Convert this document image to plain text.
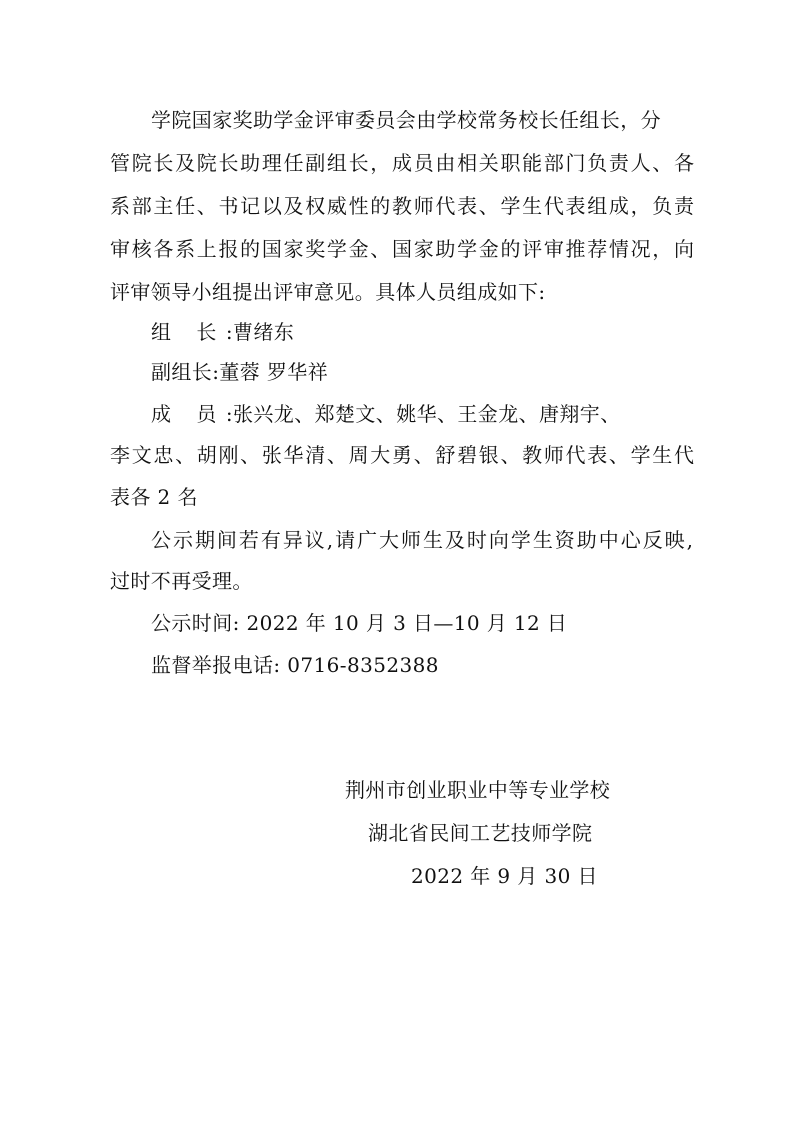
学院国家奖助学金评审委员会由学校常务校长任组长，分
管院长及院长助理任副组长，成员由相关职能部门负责人、各
系部主任、书记以及权威性的教师代表、学生代表组成，负责
审核各系上报的国家奖学金、国家助学金的评审推荐情况，向
评审领导小组提出评审意见。具体人员组成如下:
组 长:曹绪东
副组长:董蓉 罗华祥
成 员:张兴龙、郑楚文、姚华、王金龙、唐翔宇、
李文忠、胡刚、张华清、周大勇、舒碧银、教师代表、学生代
表各 2 名
公示期间若有异议,请广大师生及时向学生资助中心反映,
过时不再受理。
公示时间: 2022 年 10 月 3 日—10 月 12 日
监督举报电话: 0716-8352388
荆州市创业职业中等专业学校
湖北省民间工艺技师学院
2022 年 9 月 30 日
